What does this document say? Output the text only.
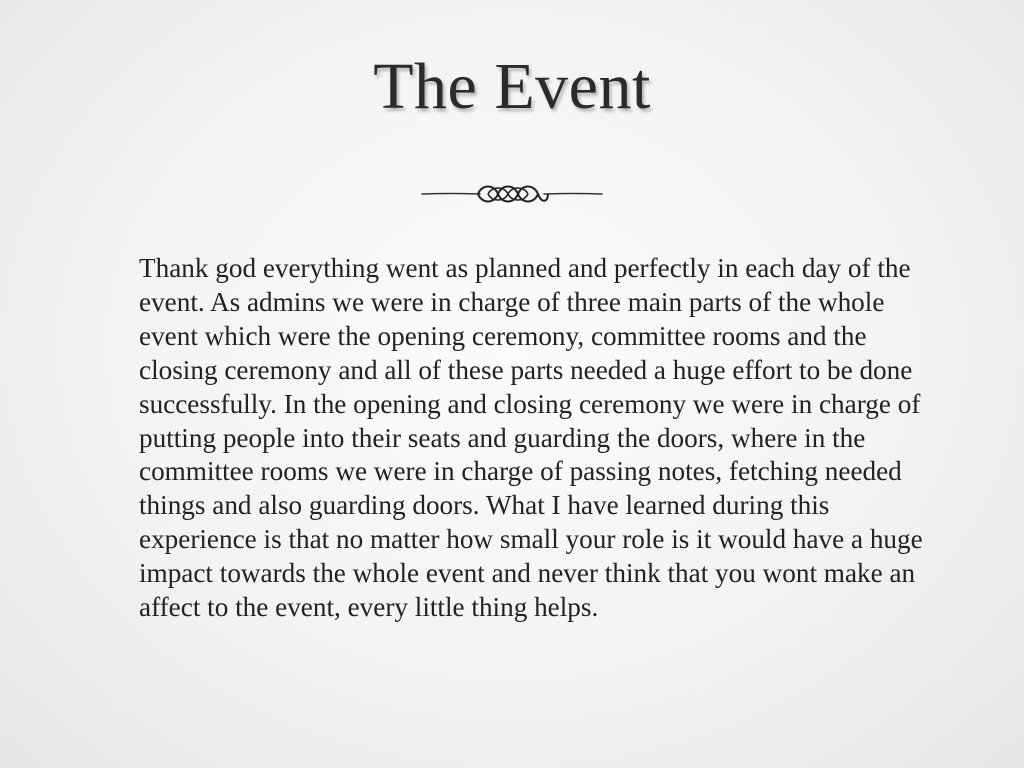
The Event

Thank god everything went as planned and perfectly in each day of the event. As admins we were in charge of three main parts of the whole event which were the opening ceremony, committee rooms and the closing ceremony and all of these parts needed a huge effort to be done successfully. In the opening and closing ceremony we were in charge of putting people into their seats and guarding the doors, where in the committee rooms we were in charge of passing notes, fetching needed things and also guarding doors. What I have learned during this experience is that no matter how small your role is it would have a huge impact towards the whole event and never think that you wont make an affect to the event, every little thing helps.
